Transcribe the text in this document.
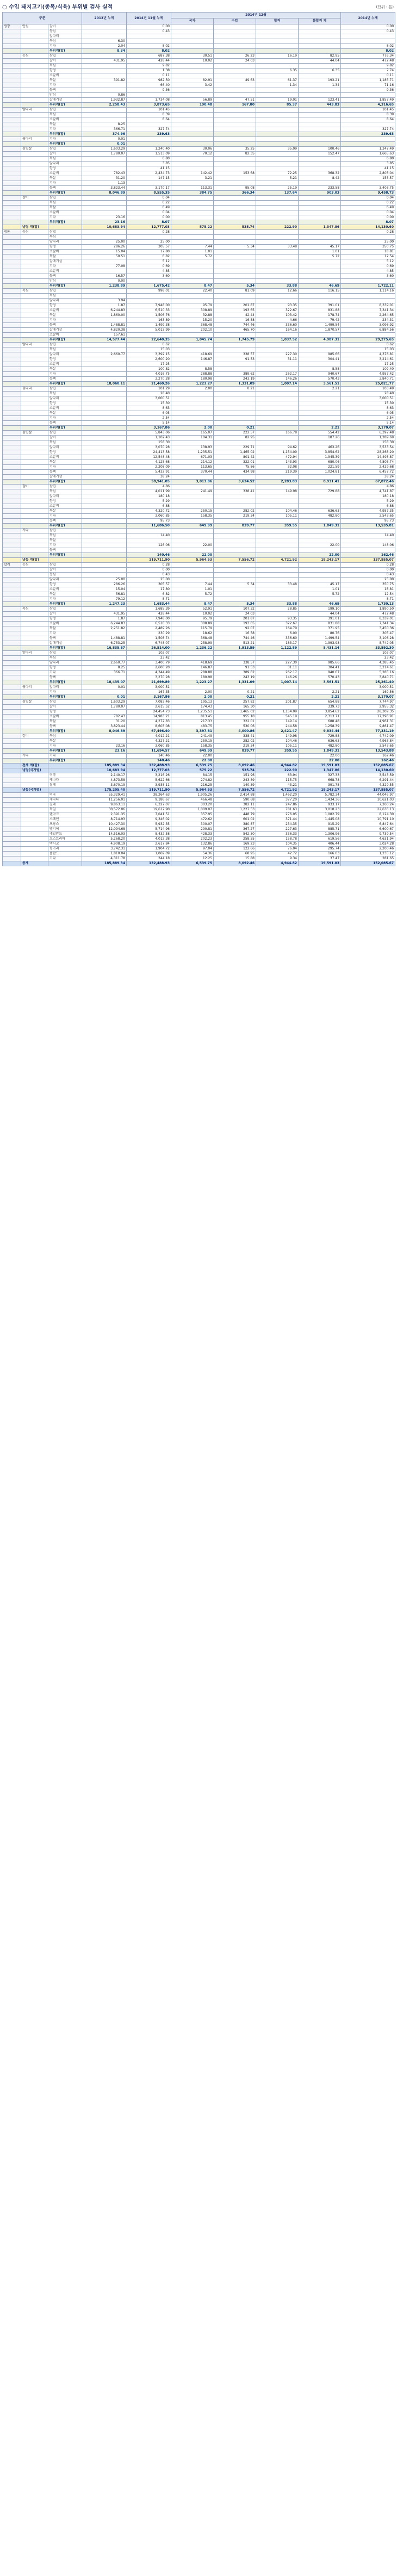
○ 수입 돼지고기(종목/식육) 부위별 검사 실적	(단위 : 톤)
구분			2013년 누계	2014년 11월 누계	2014년 12월				2014년 누계
					국가	수입	합격	불합격 계	
냉장	안심	갈비		0.00					0.00
		등심		0.43					0.43
		앞다리							
		목심	6.30						
		기타	2.04	8.02					8.02
		부위계(합)	8.34	8.02					8.02
	등심	삼겹		687.38	30.51	26.23	16.19	82.95	776.34
		갈비	431.95	428.44	10.02	24.03		44.04	472.48
		목심		9.82					9.82
		항정		1.38			6.35	6.35	7.74
		소갈비		0.11					0.11
		목살	391.82	982.50	82.91	49.63	61.37	193.21	1,185.71
		기타		66.40	3.42		1.34	1.34	71.16
		등뼈		9.36					9.36
		안심	0.86						
		갈매기살	1,932.87	1,734.08	56.89	47.51	19.01	123.41	1,857.49
		부위계(합)	2,258.43	3,873.65	190.48	167.80	85.37	443.83	4,316.65
	앞다리	삼겹		101.45					101.45
		목심		8.39					8.39
		소갈비		8.64					8.64
		목살	8.25						
		기타	366.71	327.74					327.74
		부위계(합)	374.96	239.63					239.63
	뒷다리	기타	0.01						
		부위계(합)	0.01						
	삼겹살	삼겹	1,603.29	1,240.40	30.06	35.25	35.09	100.46	1,347.49
		갈비	1,780.07	1,513.09	70.12	82.35		152.47	1,665.63
		목심		6.80					6.80
		앞다리		3.85					3.85
		항정		41.15					41.15
		소갈비	782.43	2,434.73	142.42	153.68	72.25	368.32	2,803.04
		목살	31.20	147.15	3.21		5.21	8.42	155.57
		기타	1.13						
		등뼈	3,823.44	3,170.17	113.31	95.08	25.19	233.58	3,403.75
		부위계(합)	8,046.89	8,555.35	384.75	366.34	137.64	903.03	9,458.73
	갈비	삼겹		0.04					0.04
		목심		0.22					0.22
		목살		6.49					6.49
		소갈비		0.04					0.04
		기타	23.16	0.00					0.00
		부위계(합)	23.16	8.07					8.07
	냉장 계(합)		10,683.94	12,777.03	575.22	535.74	222.90	1,347.86	14,130.60
냉동	등심	삼겹		0.28					0.28
		목심							
		앞다리	25.00	25.00					25.00
		항정	286.26	305.57	7.44	5.34	33.48	45.17	350.75
		소갈비	15.04	17.80	1.01			1.01	18.81
		목살	50.51	6.82	5.72			5.72	12.54
		갈매기살		5.12					5.12
		기타	77.08	0.69					0.69
		소갈비		4.85					4.85
		등뼈	16.57	3.60					3.60
		안심	0.00						
		부위계(합)	1,238.89	1,675.42	8.47	5.34	33.88	46.69	1,722.11
	목심	삼겹		998.01	22.40	81.09	12.66	116.15	1,114.16
		목심							
		앞다리	3.94						
		항정	1.87	7,948.00	95.79	201.87	93.35	391.01	8,339.01
		소갈비	6,244.83	6,510.33	308.89	193.65	322.67	831.88	7,341.34
		목살	1,860.00	1,506.76	32.88	42.44	103.42	178.74	2,264.65
		기타		163.89	15.20	16.58	4.66	79.42	234.31
		등뼈	1,488.81	1,499.38	368.48	744.46	336.60	1,499.54	3,096.92
		갈매기살	4,820.38	5,013.99	202.10	465.70	164.16	1,870.57	6,884.56
		소갈비	157.61						
		부위계(합)	14,577.44	22,640.35	1,045.74	1,745.79	1,037.52	4,987.31	29,275.65
	앞다리	삼겹		0.62					0.62
		목심		15.03					15.03
		앞다리	2,660.77	3,392.15	418.69	338.57	227.30	985.66	4,376.81
		항정		2,600.20	146.87	91.53	31.11	304.41	3,214.61
		소갈비		17.25					17.25
		목살		100.82	8.58			8.58	109.40
		기타		4,016.75	288.88	389.62	262.17	940.67	4,957.42
		등뼈		3,270.28	180.98	243.19	146.26	570.43	3,840.71
		부위계(합)	18,060.11	21,460.26	1,223.27	1,331.09	1,007.14	3,561.51	25,021.77
	뒷다리	삼겹		101.29	2.00	0.21		2.21	103.49
		목심		28.40					28.40
		앞다리		3,000.51					3,000.51
		항정		15.30					15.30
		소갈비		8.63					8.63
		목살		6.05					6.05
		기타		2.54					2.54
		등뼈		5.14					5.14
		부위계(합)		3,167.86	2.00	0.21		2.21	3,170.07
	삼겹살	삼겹		5,843.06	165.07	222.57	166.78	554.42	6,397.48
		갈비		1,102.43	104.31	82.95		187.26	1,289.69
		목심		158.30					158.30
		앞다리		3,070.28	138.93	229.71	94.62	463.26	3,533.54
		항정		24,413.58	1,235.51	1,465.02	1,154.09	3,854.62	28,268.20
		소갈비		12,548.48	671.03	801.42	472.94	1,945.39	14,493.87
		목살		4,125.68	214.12	322.01	143.93	680.06	4,805.74
		기타		2,208.09	113.65	75.86	32.08	221.59	2,429.68
		등뼈		5,432.91	370.44	434.98	219.39	1,024.81	6,457.72
		갈매기살		38.24					38.24
		부위계(합)		58,941.05	3,013.06	3,634.52	2,283.83	8,931.41	67,872.46
	갈비	삼겹		4.86					4.86
		목심		4,011.99	241.49	338.41	149.98	729.88	4,741.87
		앞다리		180.18					180.18
		항정		5.29					5.29
		소갈비		6.88					6.88
		목살		4,320.72	250.15	282.02	104.46	636.63	4,957.35
		기타		3,060.85	158.35	219.34	105.11	482.80	3,543.65
		등뼈		95.73					95.73
		부위계(합)		11,686.50	649.99	839.77	359.55	1,849.31	13,535.81
	기타	삼겹							
		목심		14.40					14.40
		목살							
		기타		126.06	22.00			22.00	148.06
		등뼈							
		부위계(합)		140.46	22.00			22.00	162.46
	냉동 계(합)			119,711.90	5,964.53	7,556.72	4,721.92	18,243.17	137,955.07
합계	등심	삼겹		0.28					0.28
		갈비		0.00					0.00
		등심		0.43					0.43
		앞다리	25.00	25.00					25.00
		항정	286.26	305.57	7.44	5.34	33.48	45.17	350.75
		소갈비	15.04	17.80	1.01			1.01	18.81
		목살	56.81	6.82	5.72			5.72	12.54
		기타	79.12	8.71					8.71
		부위계(합)	1,247.23	1,683.44	8.47	5.34	33.88	46.69	1,730.13
	목심	삼겹		1,685.39	52.91	107.32	28.85	199.10	1,890.50
		갈비	431.95	428.44	10.02	24.03		44.04	472.48
		항정	1.87	7,948.00	95.79	201.87	93.35	391.01	8,339.01
		소갈비	6,244.83	6,510.33	308.89	193.65	322.67	831.88	7,341.34
		목살	2,251.82	2,489.26	115.79	92.07	164.79	371.95	3,450.36
		기타		230.29	18.62	16.58	6.00	80.76	305.47
		등뼈	1,488.81	1,508.74	368.48	744.46	336.60	1,499.54	3,106.28
		갈매기살	6,753.25	6,748.07	258.99	513.21	183.17	1,993.98	8,742.05
		부위계(합)	16,835.87	26,514.00	1,236.22	1,913.59	1,122.89	5,431.14	33,592.30
	앞다리	삼겹		102.07					102.07
		목심		23.42					23.42
		앞다리	2,660.77	3,400.79	418.69	338.57	227.30	985.66	4,385.45
		항정	8.25	2,600.20	146.87	91.53	31.11	304.41	3,214.61
		기타	366.71	4,344.49	288.88	389.62	262.17	940.67	5,285.16
		등뼈		3,270.28	180.98	243.19	146.26	570.43	3,840.71
		부위계(합)	18,435.07	21,699.89	1,223.27	1,331.09	1,007.14	3,561.51	25,261.40
	뒷다리	앞다리	0.01	3,000.51					3,000.51
		기타		167.35	2.00	0.21		2.21	169.56
		부위계(합)	0.01	3,167.86	2.00	0.21		2.21	3,170.07
	삼겹살	삼겹	1,603.29	7,083.46	195.13	257.82	201.87	654.88	7,744.97
		갈비	1,780.07	2,615.52	174.43	165.30		339.73	2,955.32
		항정		24,454.73	1,235.51	1,465.02	1,154.09	3,854.62	28,309.35
		소갈비	782.43	14,983.21	813.45	955.10	545.19	2,313.71	17,296.91
		목살	31.20	4,272.83	217.33	322.01	149.14	688.48	4,961.31
		등뼈	3,823.44	8,603.08	483.75	530.06	244.58	1,258.39	9,861.47
		부위계(합)	8,046.89	67,496.40	3,397.81	4,000.86	2,421.47	9,834.44	77,331.19
	갈비	목심		4,012.21	241.49	338.41	149.98	729.88	4,742.09
		목살		4,327.21	250.15	282.02	104.46	636.63	4,963.84
		기타	23.16	3,060.85	158.35	219.34	105.11	482.80	3,543.65
		부위계(합)	23.16	11,694.57	649.99	839.77	359.55	1,849.31	13,543.88
	기타	기타		140.46	22.00			22.00	162.46
		부위계(합)		140.46	22.00			22.00	162.46
	전체 계(합)		185,889.34	132,488.93	6,539.75	8,092.46	4,944.82	19,591.03	152,085.67
	냉장(국가별)		10,683.94	12,777.03	575.22	535.74	222.90	1,347.86	14,130.60
		미국	2,140.17	3,216.26	84.15	151.96	63.94	327.33	3,543.59
		캐나다	4,873.58	5,622.66	274.82	243.39	115.75	668.78	6,291.44
		칠레	3,670.19	3,938.11	216.25	140.39	43.21	391.75	4,329.55
	냉동(국가별)		175,205.40	119,711.90	5,964.53	7,556.72	4,721.92	18,243.17	137,955.07
		미국	55,329.41	38,264.63	1,905.26	2,414.88	1,462.20	5,782.34	44,046.97
		캐나다	11,256.01	9,186.67	466.48	590.68	377.20	1,434.36	10,621.03
		칠레	9,863.11	6,327.07	303.20	382.11	247.86	933.17	7,260.24
		독일	30,572.06	19,617.90	1,009.07	1,227.53	781.63	3,018.23	22,636.13
		덴마크	2,391.35	7,041.51	357.95	448.79	276.05	1,082.79	8,124.30
		스페인	8,714.93	9,346.02	472.62	601.02	371.44	1,445.08	10,791.10
		프랑스	10,427.30	5,932.35	300.07	380.87	234.35	915.29	6,847.64
		벨기에	12,094.68	5,714.96	290.81	367.27	227.63	885.71	6,600.67
		네덜란드	14,516.03	8,432.58	428.33	542.30	336.33	1,306.96	9,739.54
		오스트리아	5,268.20	4,012.38	202.23	258.55	158.78	619.56	4,631.94
		멕시코	4,908.19	2,617.84	132.86	169.23	104.35	406.44	3,024.28
		헝가리	3,742.31	1,904.72	97.04	122.66	76.04	295.74	2,200.46
		폴란드	1,810.04	1,069.09	54.36	68.95	42.72	166.03	1,235.12
		기타	4,311.78	244.18	12.25	15.88	9.34	37.47	281.65
	총계		185,889.34	132,488.93	6,539.75	8,092.46	4,944.82	19,591.03	152,085.67
